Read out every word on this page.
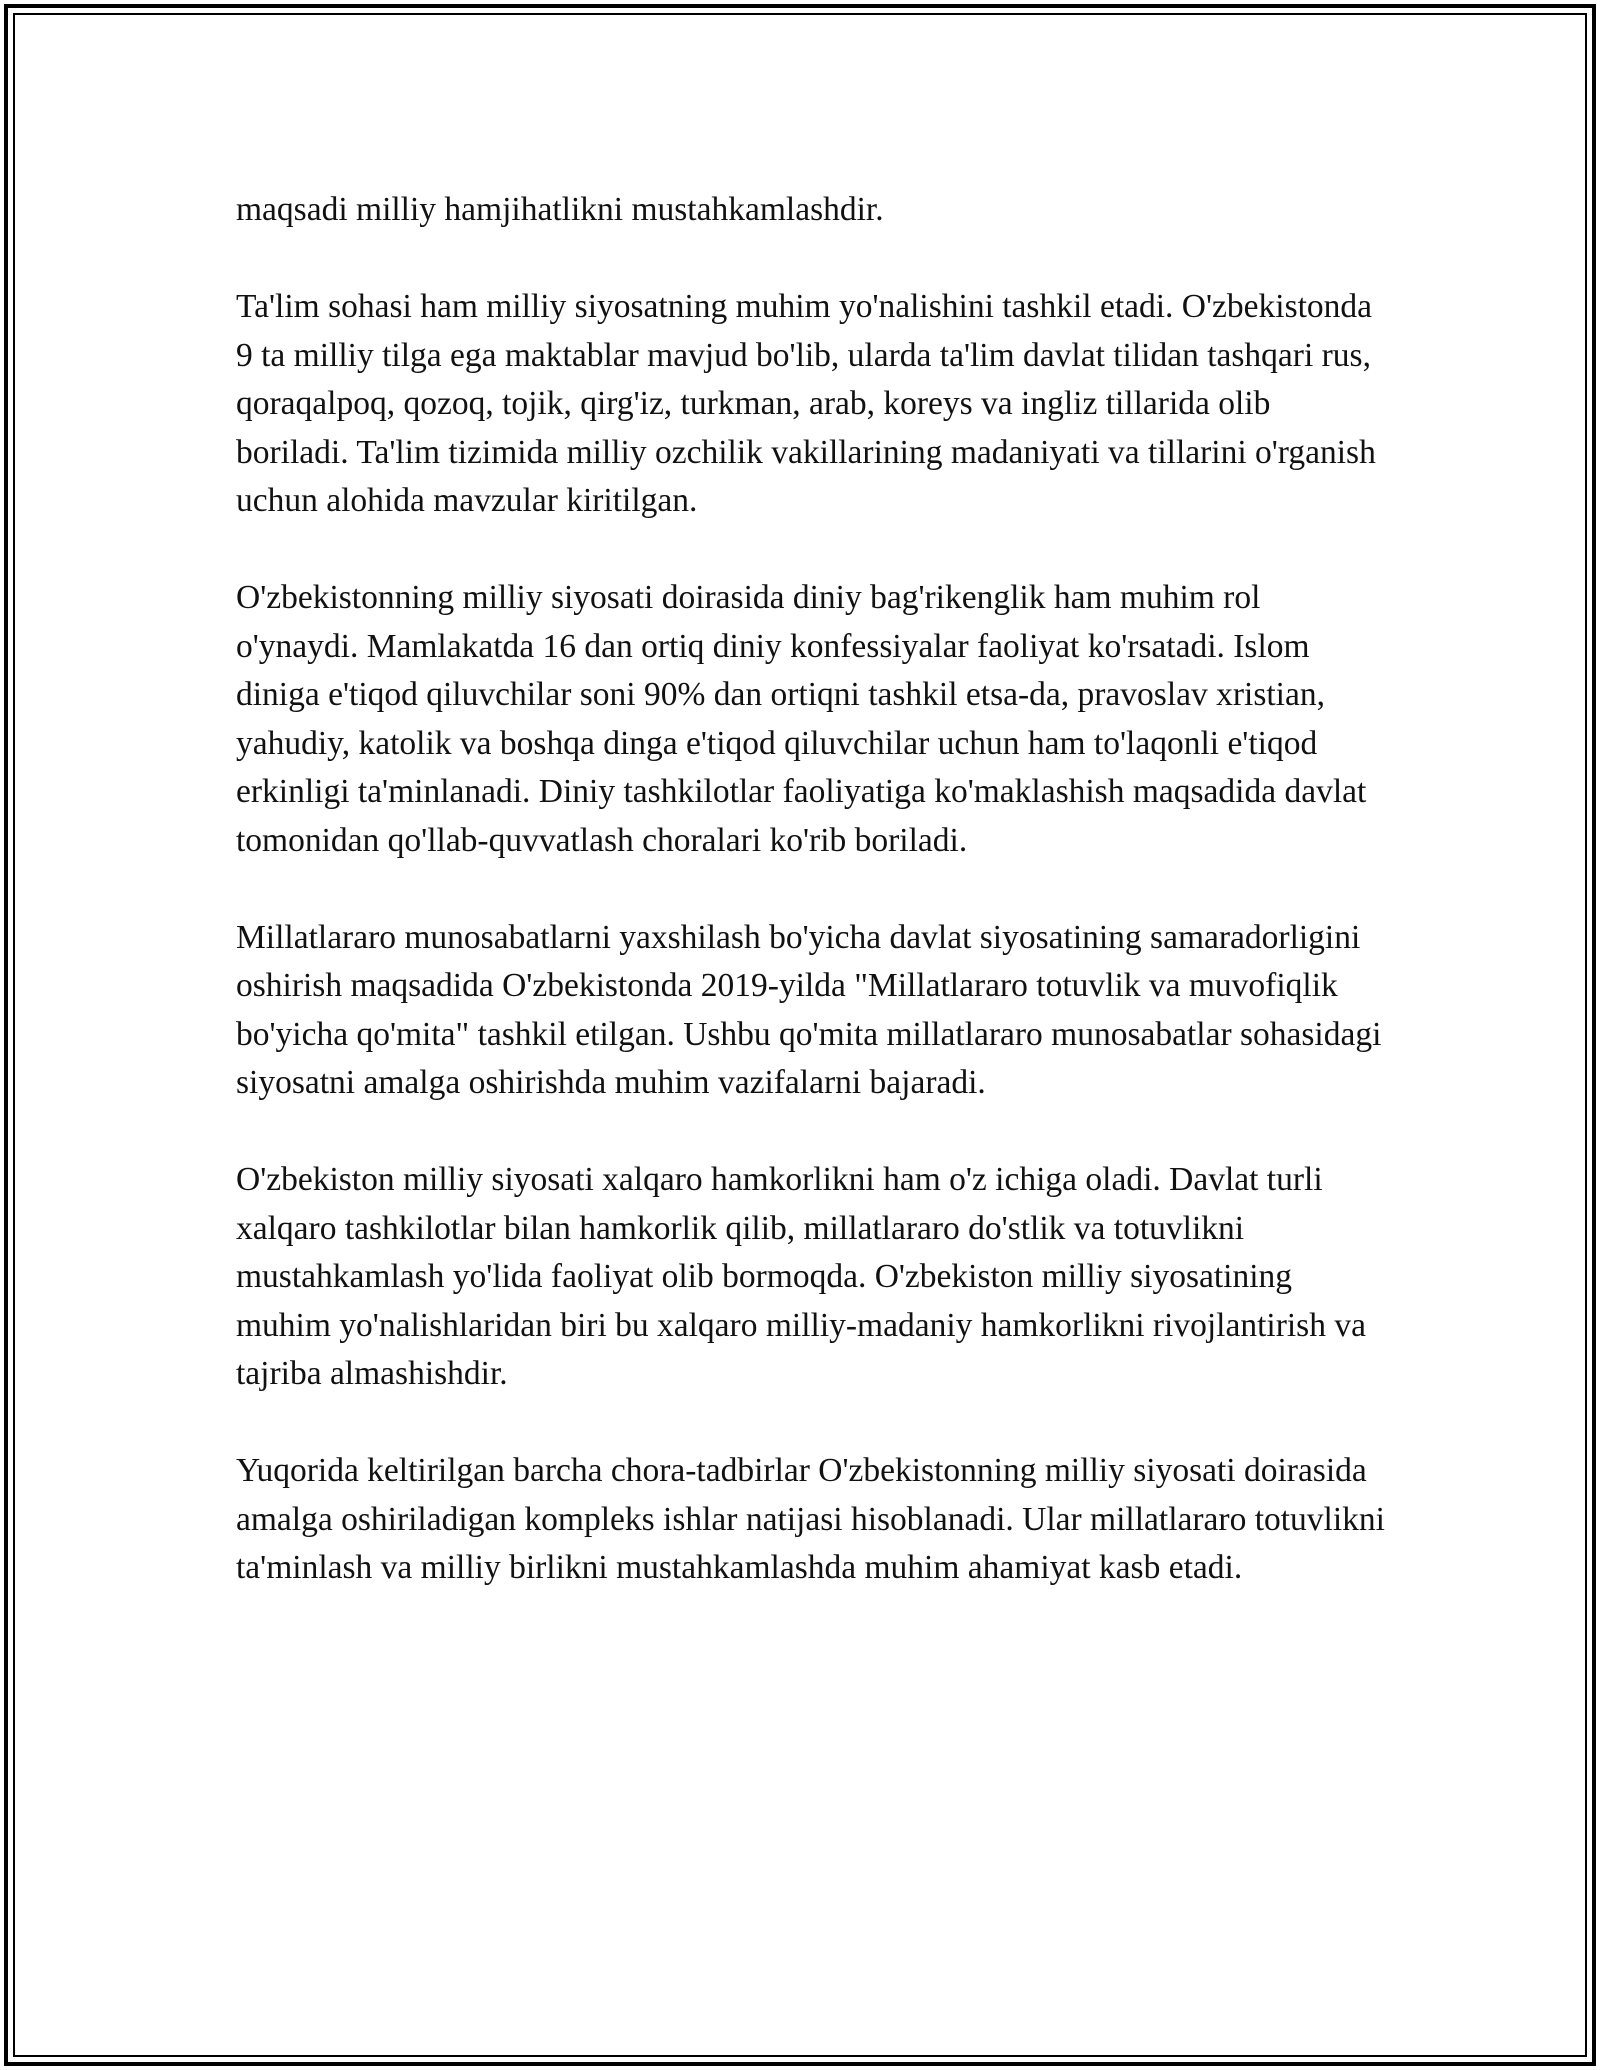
maqsadi milliy hamjihatlikni mustahkamlashdir.

Ta'lim sohasi ham milliy siyosatning muhim yo'nalishini tashkil etadi. O'zbekistonda 9 ta milliy tilga ega maktablar mavjud bo'lib, ularda ta'lim davlat tilidan tashqari rus, qoraqalpoq, qozoq, tojik, qirg'iz, turkman, arab, koreys va ingliz tillarida olib boriladi. Ta'lim tizimida milliy ozchilik vakillarining madaniyati va tillarini o'rganish uchun alohida mavzular kiritilgan.

O'zbekistonning milliy siyosati doirasida diniy bag'rikenglik ham muhim rol o'ynaydi. Mamlakatda 16 dan ortiq diniy konfessiyalar faoliyat ko'rsatadi. Islom diniga e'tiqod qiluvchilar soni 90% dan ortiqni tashkil etsa-da, pravoslav xristian, yahudiy, katolik va boshqa dinga e'tiqod qiluvchilar uchun ham to'laqonli e'tiqod erkinligi ta'minlanadi. Diniy tashkilotlar faoliyatiga ko'maklashish maqsadida davlat tomonidan qo'llab-quvvatlash choralari ko'rib boriladi.

Millatlararo munosabatlarni yaxshilash bo'yicha davlat siyosatining samaradorligini oshirish maqsadida O'zbekistonda 2019-yilda "Millatlararo totuvlik va muvofiqlik bo'yicha qo'mita" tashkil etilgan. Ushbu qo'mita millatlararo munosabatlar sohasidagi siyosatni amalga oshirishda muhim vazifalarni bajaradi.

O'zbekiston milliy siyosati xalqaro hamkorlikni ham o'z ichiga oladi. Davlat turli xalqaro tashkilotlar bilan hamkorlik qilib, millatlararo do'stlik va totuvlikni mustahkamlash yo'lida faoliyat olib bormoqda. O'zbekiston milliy siyosatining muhim yo'nalishlaridan biri bu xalqaro milliy-madaniy hamkorlikni rivojlantirish va tajriba almashishdir.

Yuqorida keltirilgan barcha chora-tadbirlar O'zbekistonning milliy siyosati doirasida amalga oshiriladigan kompleks ishlar natijasi hisoblanadi. Ular millatlararo totuvlikni ta'minlash va milliy birlikni mustahkamlashda muhim ahamiyat kasb etadi.
